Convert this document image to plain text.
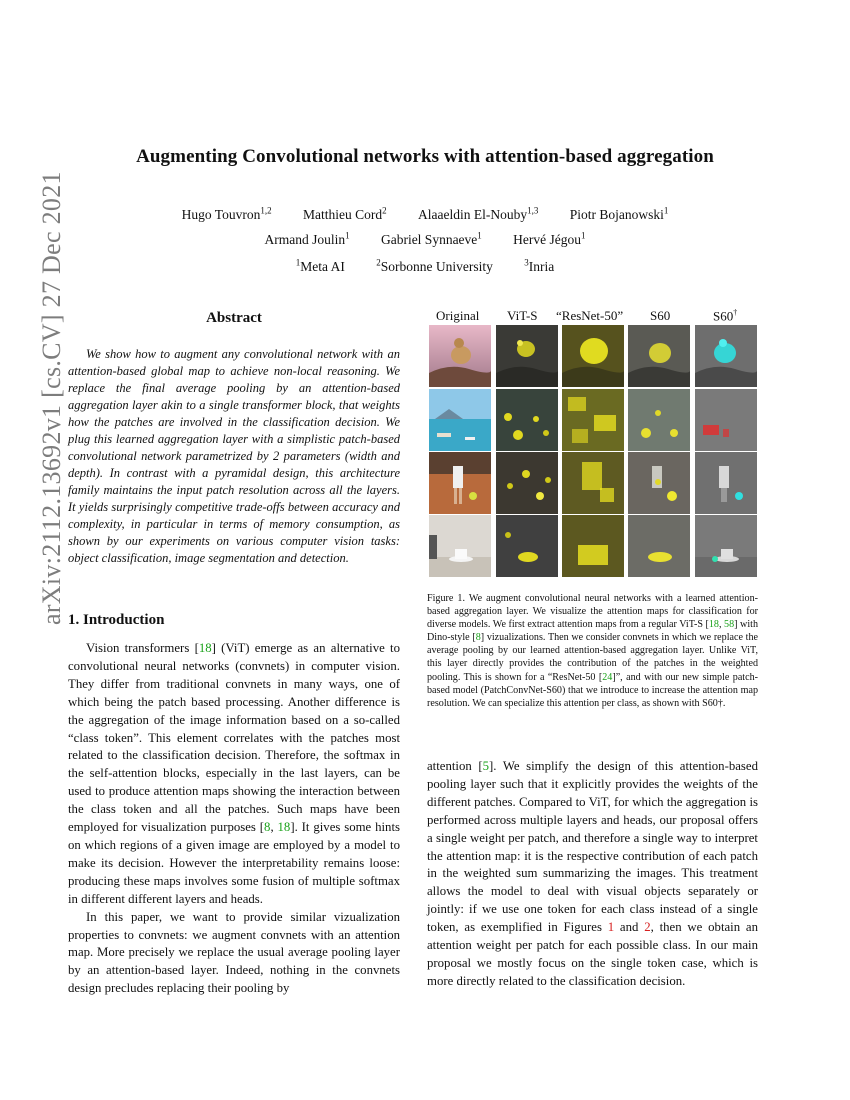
arXiv:2112.13692v1 [cs.CV] 27 Dec 2021
Augmenting Convolutional networks with attention-based aggregation
Hugo Touvron$^{1,2}$ Matthieu Cord$^2$ Alaaeldin El-Nouby$^{1,3}$ Piotr Bojanowski$^1$
Armand Joulin$^1$ Gabriel Synnaeve$^1$ Hervé Jégou$^1$
$^1$Meta AI	$^2$Sorbonne University	$^3$Inria
Abstract
We show how to augment any convolutional network with an attention-based global map to achieve non-local reasoning. We replace the final average pooling by an attention-based aggregation layer akin to a single transformer block, that weights how the patches are involved in the classification decision. We plug this learned aggregation layer with a simplistic patch-based convolutional network parametrized by 2 parameters (width and depth). In contrast with a pyramidal design, this architecture family maintains the input patch resolution across all the layers. It yields surprisingly competitive trade-offs between accuracy and complexity, in particular in terms of memory consumption, as shown by our experiments on various computer vision tasks: object classification, image segmentation and detection.
1. Introduction

Vision transformers [18] (ViT) emerge as an alternative to convolutional neural networks (convnets) in computer vision. They differ from traditional convnets in many ways, one of which being the patch based processing. Another difference is the aggregation of the image information based on a so-called “class token”. This element correlates with the patches most related to the classification decision. Therefore, the softmax in the self-attention blocks, especially in the last layers, can be used to produce attention maps showing the interaction between the class token and all the patches. Such maps have been employed for visualization purposes [8, 18]. It gives some hints on which regions of a given image are employed by a model to make its decision. However the interpretability remains loose: producing these maps involves some fusion of multiple softmax in different different layers and heads.

In this paper, we want to provide similar vizualization properties to convnets: we augment convnets with an attention map. More precisely we replace the usual average pooling layer by an attention-based layer. Indeed, nothing in the convnets design precludes replacing their pooling by

attention [5]. We simplify the design of this attention-based pooling layer such that it explicitly provides the weights of the different patches. Compared to ViT, for which the aggregation is performed across multiple layers and heads, our proposal offers a single weight per patch, and therefore a single way to interpret the attention map: it is the respective contribution of each patch in the weighted sum summarizing the images. This treatment allows the model to deal with visual objects separately or jointly: if we use one token for each class instead of a single token, as exemplified in Figures 1 and 2, then we obtain an attention weight per patch for each possible class. In our main proposal we mostly focus on the single token case, which is more directly related to the classification decision.

Original ViT-S “ResNet-50” S60	S60†
Figure 1. We augment convolutional neural networks with a learned attention-based aggregation layer. We visualize the attention maps for classification for diverse models. We first extract attention maps from a regular ViT-S [18, 58] with Dino-style [8] vizualizations. Then we consider convnets in which we replace the average pooling by our learned attention-based aggregation layer. Unlike ViT, this layer directly provides the contribution of the patches in the weighted pooling. This is shown for a “ResNet-50 [24]”, and with our new simple patch-based model (PatchConvNet-S60) that we introduce to increase the attention map resolution. We can specialize this attention per class, as shown with S60†.
